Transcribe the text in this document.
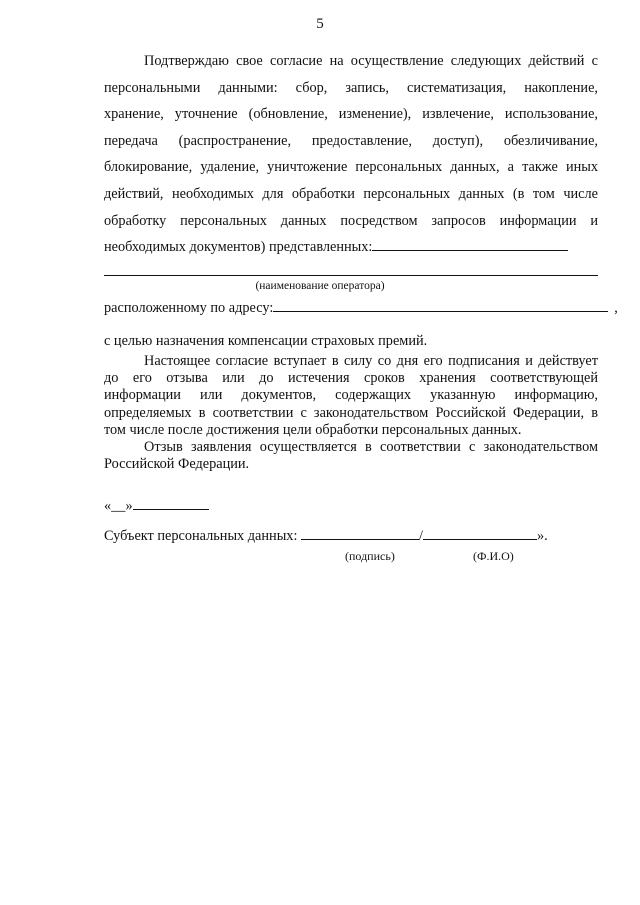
5
Подтверждаю свое согласие на осуществление следующих действий с
персональными данными: сбор, запись, систематизация, накопление,
хранение, уточнение (обновление, изменение), извлечение, использование,
передача (распространение, предоставление, доступ), обезличивание,
блокирование, удаление, уничтожение персональных данных, а также иных
действий, необходимых для обработки персональных данных (в том числе
обработку персональных данных посредством запросов информации и
необходимых документов) представленных:
(наименование оператора)
расположенному по адресу:	,
с целью назначения компенсации страховых премий.
Настоящее согласие вступает в силу со дня его подписания и действует
до его отзыва или до истечения сроков хранения соответствующей
информации или документов, содержащих указанную информацию,
определяемых в соответствии с законодательством Российской Федерации, в
том числе после достижения цели обработки персональных данных.
Отзыв заявления осуществляется в соответствии с законодательством
Российской Федерации.
«__»
Субъект персональных данных:	/	».
(подпись)	(Ф.И.О)
